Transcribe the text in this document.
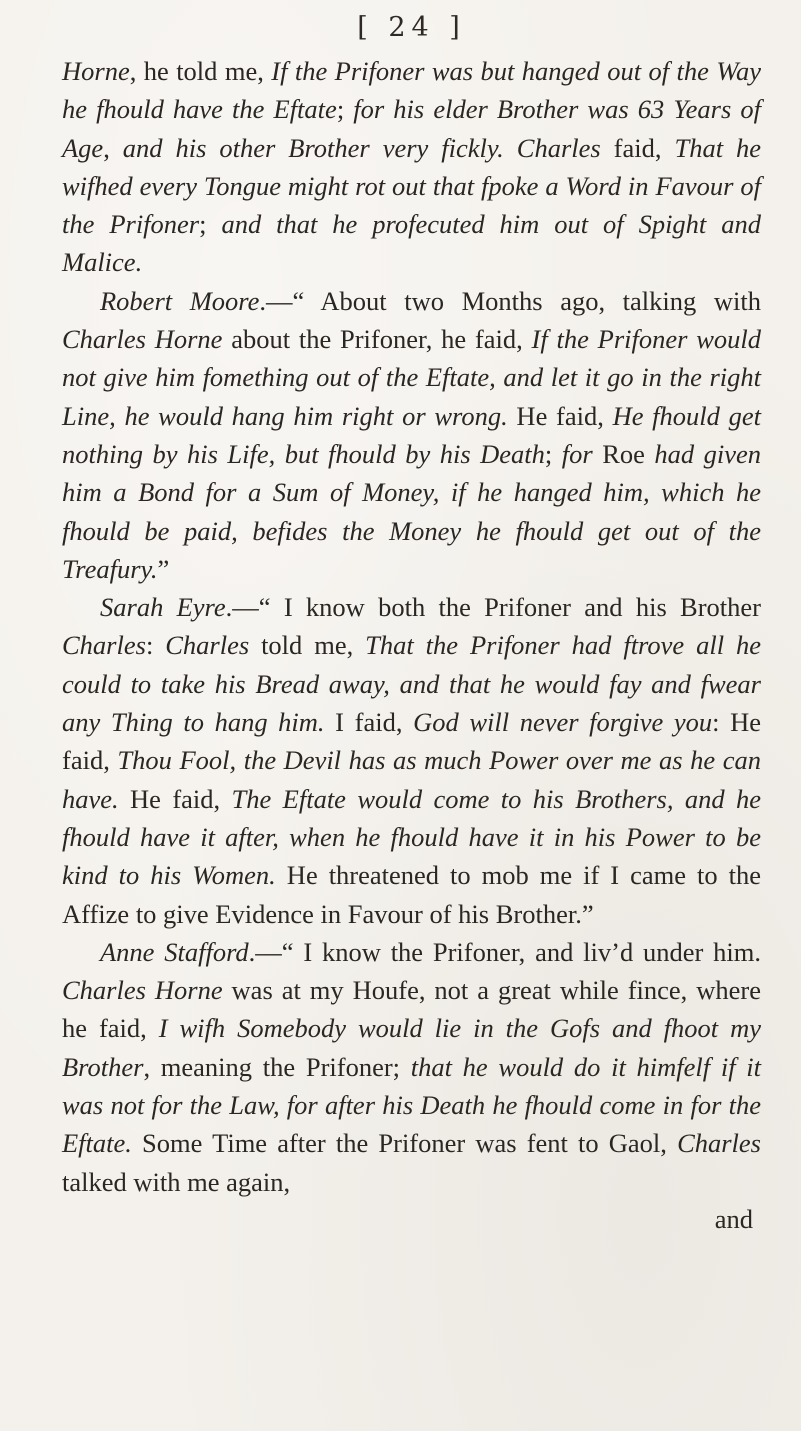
[ 24 ]

Horne, he told me, If the Prifoner was but hanged out of the Way he fhould have the Eftate; for his elder Brother was 63 Years of Age, and his other Brother very fickly. Charles faid, That he wifhed every Tongue might rot out that fpoke a Word in Favour of the Prifoner; and that he profecuted him out of Spight and Malice.

Robert Moore.—“ About two Months ago, talking with Charles Horne about the Prifoner, he faid, If the Prifoner would not give him fomething out of the Eftate, and let it go in the right Line, he would hang him right or wrong. He faid, He fhould get nothing by his Life, but fhould by his Death; for Roe had given him a Bond for a Sum of Money, if he hanged him, which he fhould be paid, befides the Money he fhould get out of the Treafury.”

Sarah Eyre.—“ I know both the Prifoner and his Brother Charles: Charles told me, That the Prifoner had ftrove all he could to take his Bread away, and that he would fay and fwear any Thing to hang him. I faid, God will never forgive you: He faid, Thou Fool, the Devil has as much Power over me as he can have. He faid, The Eftate would come to his Brothers, and he fhould have it after, when he fhould have it in his Power to be kind to his Women. He threatened to mob me if I came to the Affize to give Evidence in Favour of his Brother.”

Anne Stafford.—“ I know the Prifoner, and liv’d under him. Charles Horne was at my Houfe, not a great while fince, where he faid, I wifh Somebody would lie in the Gofs and fhoot my Brother, meaning the Prifoner; that he would do it himfelf if it was not for the Law, for after his Death he fhould come in for the Eftate. Some Time after the Prifoner was fent to Gaol, Charles talked with me again,

and
